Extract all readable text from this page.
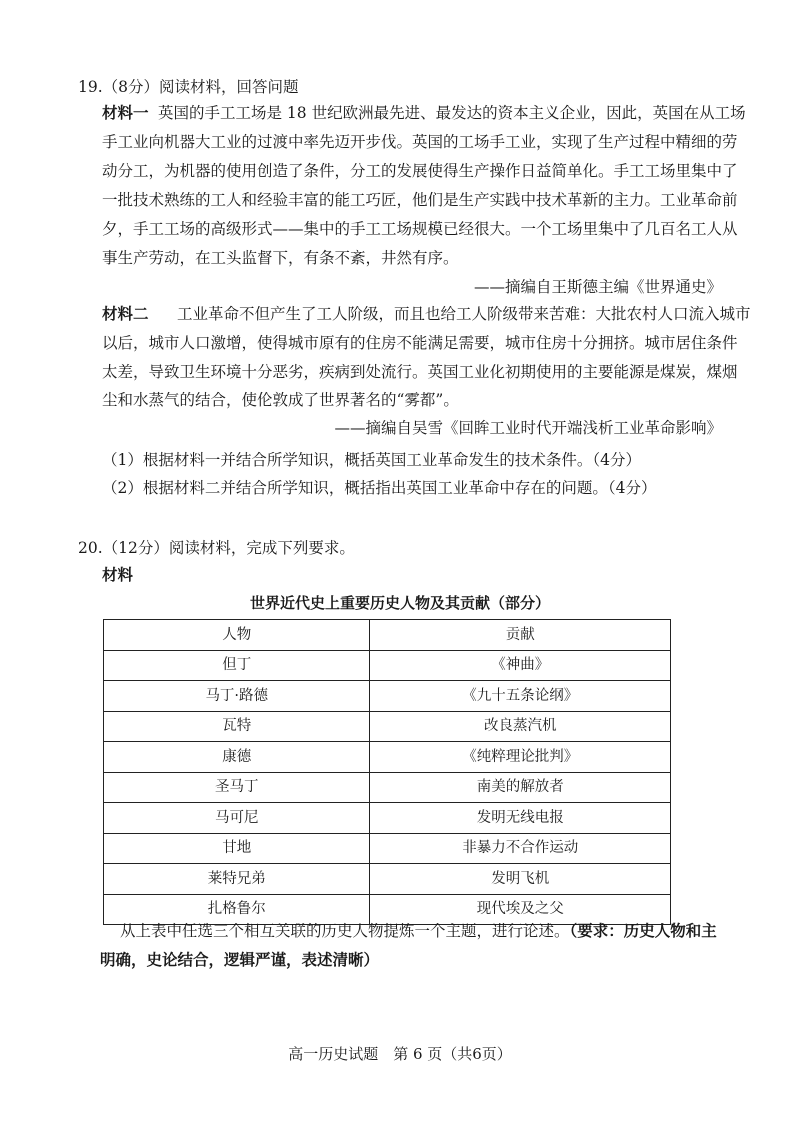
19.（8分）阅读材料，回答问题
材料一 英国的手工工场是 18 世纪欧洲最先进、最发达的资本主义企业，因此，英国在从工场
手工业向机器大工业的过渡中率先迈开步伐。英国的工场手工业，实现了生产过程中精细的劳
动分工，为机器的使用创造了条件，分工的发展使得生产操作日益简单化。手工工场里集中了
一批技术熟练的工人和经验丰富的能工巧匠，他们是生产实践中技术革新的主力。工业革命前
夕，手工工场的高级形式——集中的手工工场规模已经很大。一个工场里集中了几百名工人从
事生产劳动，在工头监督下，有条不紊，井然有序。
——摘编自王斯德主编《世界通史》
材料二 工业革命不但产生了工人阶级，而且也给工人阶级带来苦难：大批农村人口流入城市
以后，城市人口激增，使得城市原有的住房不能满足需要，城市住房十分拥挤。城市居住条件
太差，导致卫生环境十分恶劣，疾病到处流行。英国工业化初期使用的主要能源是煤炭，煤烟
尘和水蒸气的结合，使伦敦成了世界著名的“雾都”。
——摘编自吴雪《回眸工业时代开端浅析工业革命影响》
（1）根据材料一并结合所学知识，概括英国工业革命发生的技术条件。（4分）
（2）根据材料二并结合所学知识，概括指出英国工业革命中存在的问题。（4分）
20.（12分）阅读材料，完成下列要求。
材料
世界近代史上重要历史人物及其贡献（部分）
人物	贡献
但丁	《神曲》
马丁·路德	《九十五条论纲》
瓦特	改良蒸汽机
康德	《纯粹理论批判》
圣马丁	南美的解放者
马可尼	发明无线电报
甘地	非暴力不合作运动
莱特兄弟	发明飞机
扎格鲁尔	现代埃及之父
从上表中任选三个相互关联的历史人物提炼一个主题，进行论述。（要求：历史人物和主
明确，史论结合，逻辑严谨，表述清晰）
高一历史试题　第 6 页（共6页）
